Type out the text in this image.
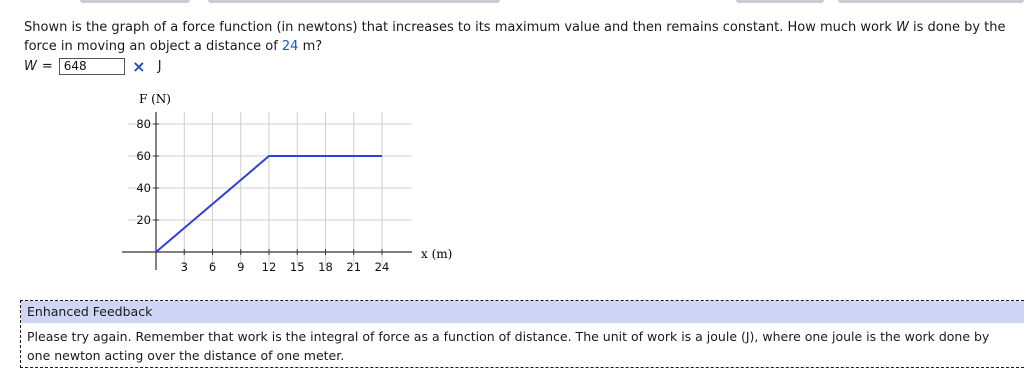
Shown is the graph of a force function (in newtons) that increases to its maximum value and then remains constant. How much work W is done by the force in moving an object a distance of 24 m?
W =
648	× J
80
60
40
20
3 6 9 12 15 18 21 24
F (N)
x (m)
Enhanced Feedback
Please try again. Remember that work is the integral of force as a function of distance. The unit of work is a joule (J), where one joule is the work done by one newton acting over the distance of one meter.
